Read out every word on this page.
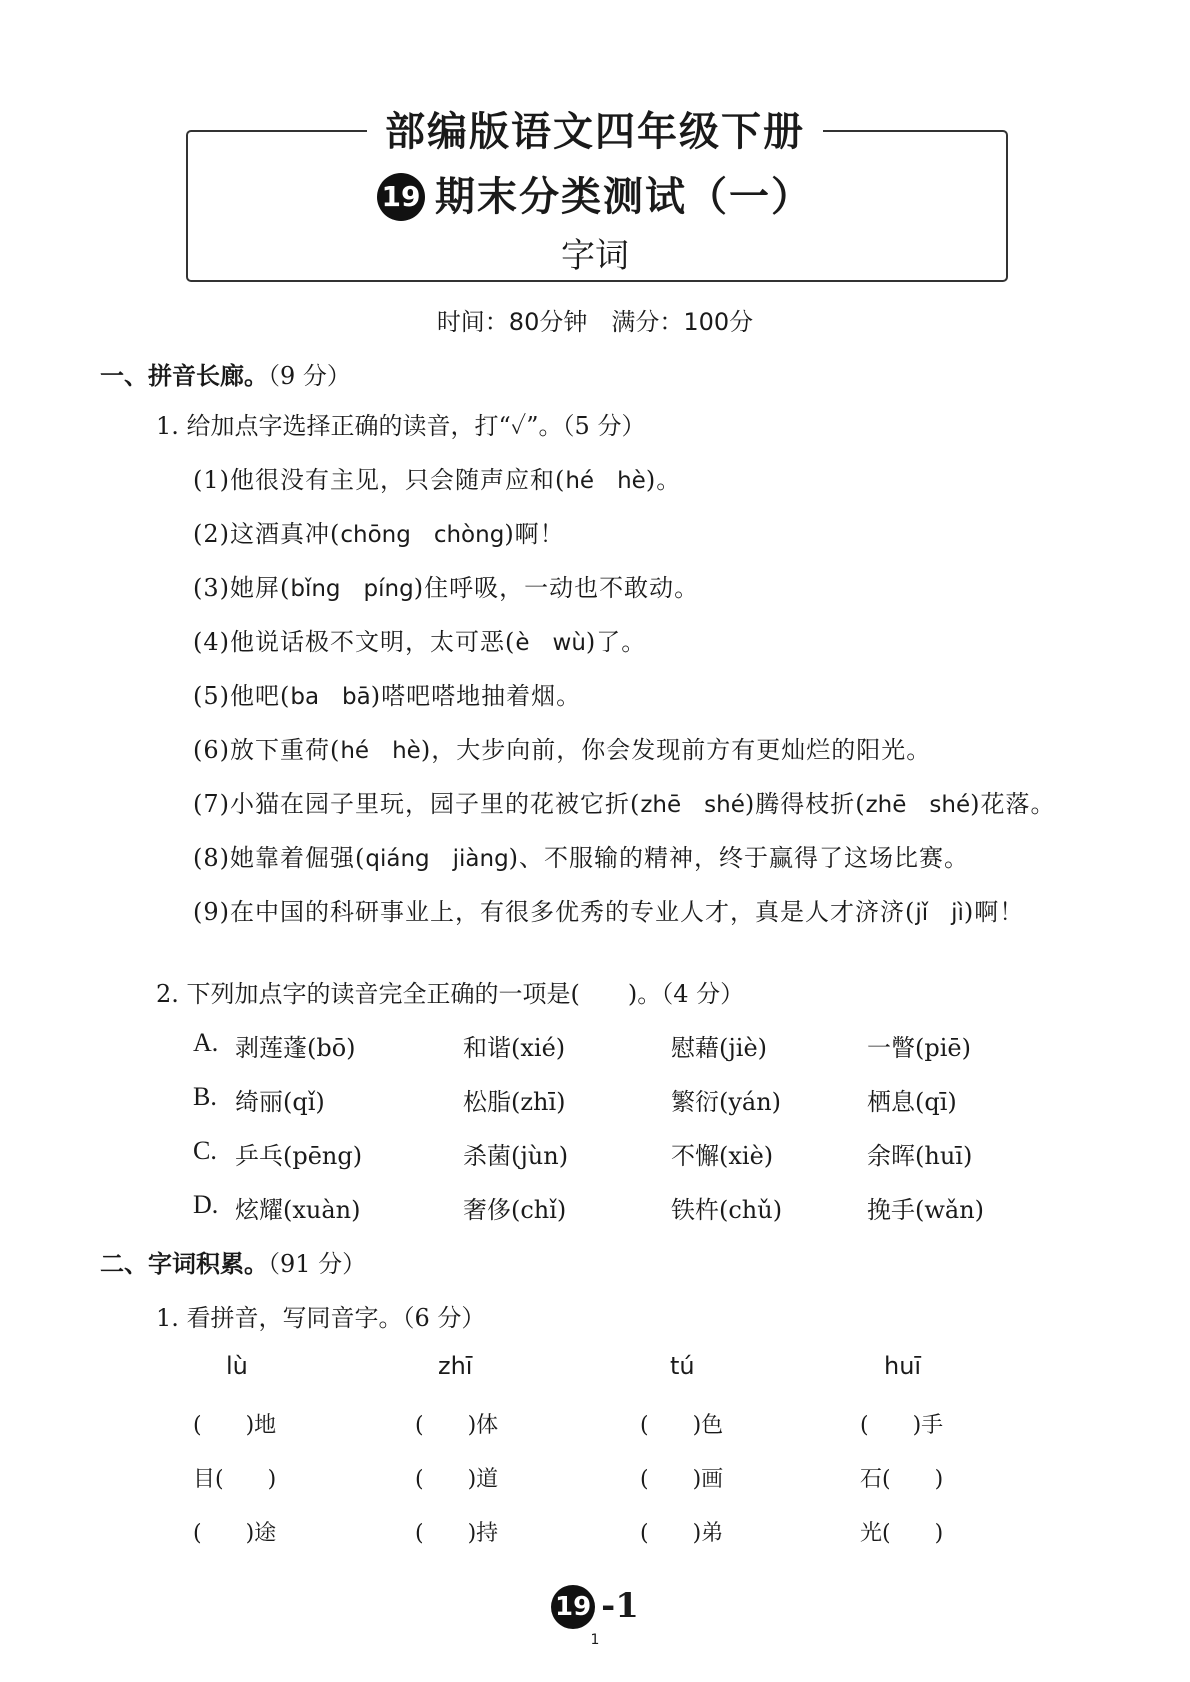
部编版语文四年级下册
19 期末分类测试（一）
字词
时间：80分钟　满分：100分
一、拼音长廊。（9 分）
1. 给加点字选择正确的读音，打“✓”。（5 分）
(1)他很没有主见，只会随声应和(hé　hè)。
(2)这酒真冲(chōng　chòng)啊！
(3)她屏(bǐng　píng)住呼吸，一动也不敢动。
(4)他说话极不文明，太可恶(è　wù)了。
(5)他吧(ba　bā)嗒吧嗒地抽着烟。
(6)放下重荷(hé　hè)，大步向前，你会发现前方有更灿烂的阳光。
(7)小猫在园子里玩，园子里的花被它折(zhē　shé)腾得枝折(zhē　shé)花落。
(8)她靠着倔强(qiáng　jiàng)、不服输的精神，终于赢得了这场比赛。
(9)在中国的科研事业上，有很多优秀的专业人才，真是人才济济(jǐ　jì)啊！
2. 下列加点字的读音完全正确的一项是(　　)。（4 分）
A. 剥莲蓬(bō)	和谐(xié)	慰藉(jiè)	一瞥(piē)
B. 绮丽(qǐ)	松脂(zhī)	繁衍(yán)	栖息(qī)
C. 乒乓(pēng)	杀菌(jùn)	不懈(xiè)	余晖(huī)
D. 炫耀(xuàn)	奢侈(chǐ)	铁杵(chǔ)	挽手(wǎn)
二、字词积累。（91 分）
1. 看拼音，写同音字。（6 分）
lù	zhī	tú	huī
(　　)地	(　　)体	(　　)色	(　　)手
目(　　)	(　　)道	(　　)画	石(　　)
(　　)途	(　　)持	(　　)弟	光(　　)
19 -1
1
